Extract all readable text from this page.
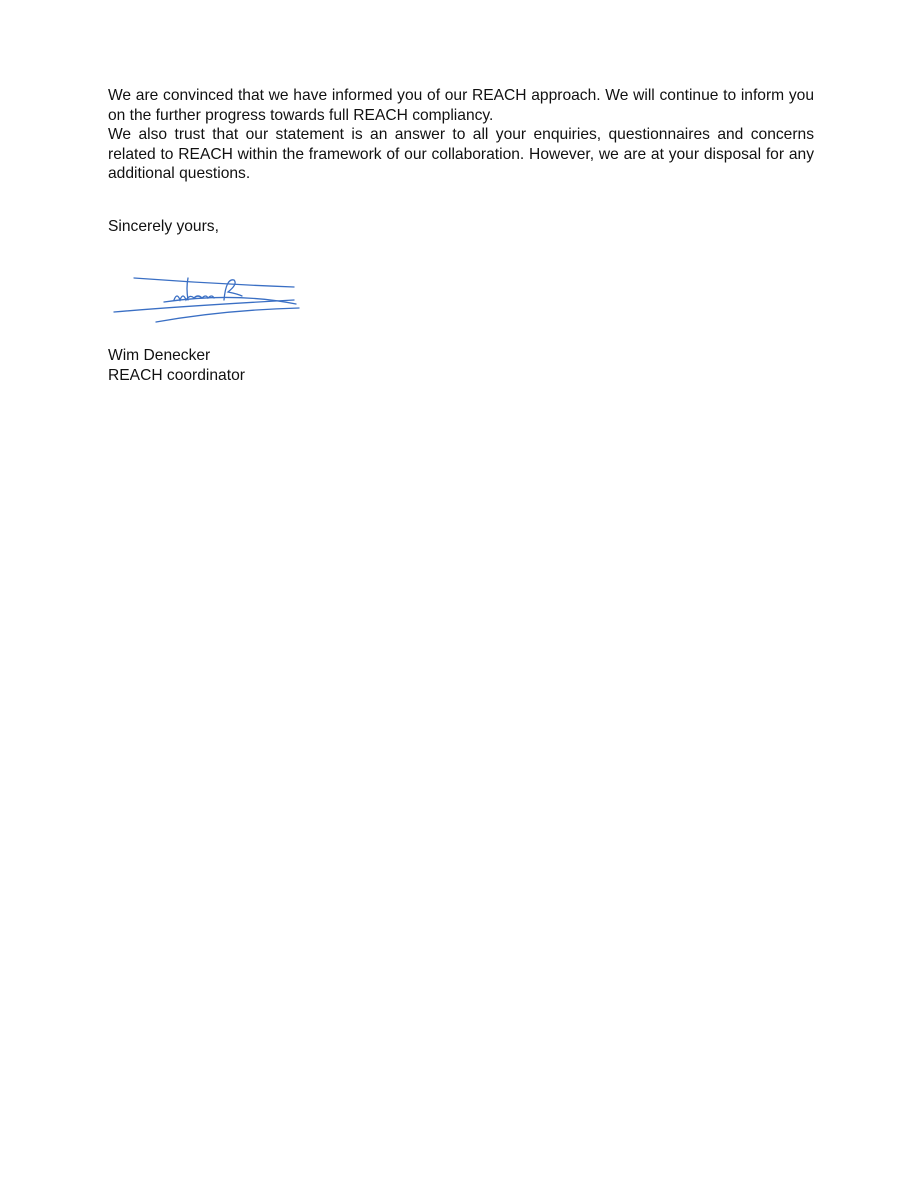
We are convinced that we have informed you of our REACH approach. We will continue to inform you on the further progress towards full REACH compliancy.

We also trust that our statement is an answer to all your enquiries, questionnaires and concerns related to REACH within the framework of our collaboration. However, we are at your disposal for any additional questions.

Sincerely yours,
Wim Denecker
REACH coordinator
